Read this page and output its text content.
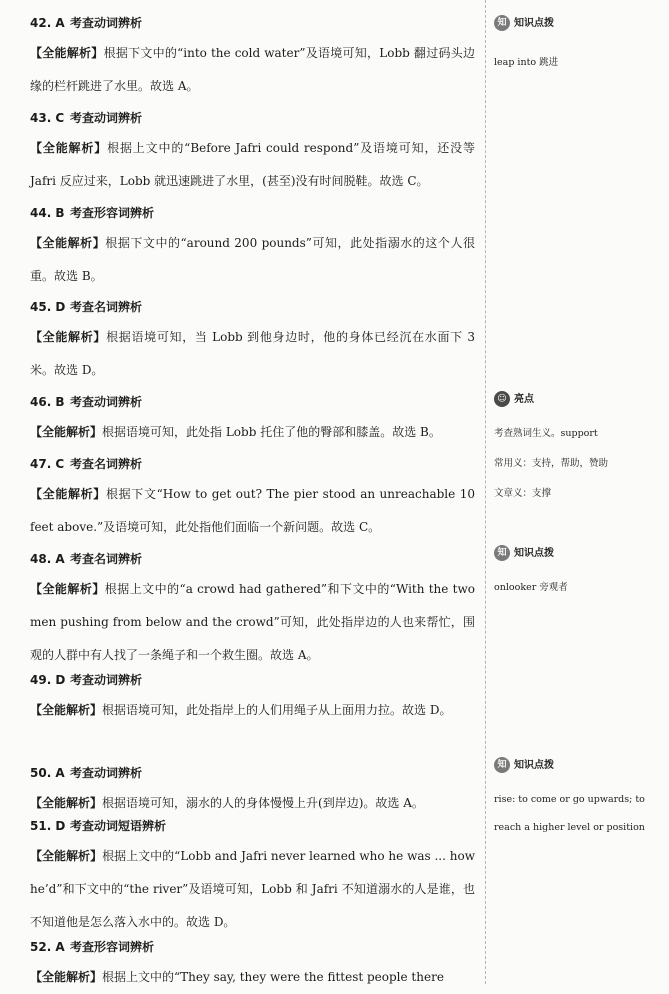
42. A 考查动词辨析
【全能解析】根据下文中的“into the cold water”及语境可知，Lobb 翻过码头边缘的栏杆跳进了水里。故选 A。
43. C 考查动词辨析
【全能解析】根据上文中的“Before Jafri could respond”及语境可知，还没等 Jafri 反应过来，Lobb 就迅速跳进了水里，(甚至)没有时间脱鞋。故选 C。
44. B 考查形容词辨析
【全能解析】根据下文中的“around 200 pounds”可知，此处指溺水的这个人很重。故选 B。
45. D 考查名词辨析
【全能解析】根据语境可知，当 Lobb 到他身边时，他的身体已经沉在水面下 3 米。故选 D。
46. B 考查动词辨析
【全能解析】根据语境可知，此处指 Lobb 托住了他的臀部和膝盖。故选 B。
47. C 考查名词辨析
【全能解析】根据下文“How to get out? The pier stood an unreachable 10 feet above.”及语境可知，此处指他们面临一个新问题。故选 C。
48. A 考查名词辨析
【全能解析】根据上文中的“a crowd had gathered”和下文中的“With the two men pushing from below and the crowd”可知，此处指岸边的人也来帮忙，围观的人群中有人找了一条绳子和一个救生圈。故选 A。
49. D 考查动词辨析
【全能解析】根据语境可知，此处指岸上的人们用绳子从上面用力拉。故选 D。
50. A 考查动词辨析
【全能解析】根据语境可知，溺水的人的身体慢慢上升(到岸边)。故选 A。
51. D 考查动词短语辨析
【全能解析】根据上文中的“Lobb and Jafri never learned who he was ... how he’d”和下文中的“the river”及语境可知，Lobb 和 Jafri 不知道溺水的人是谁，也不知道他是怎么落入水中的。故选 D。
52. A 考查形容词辨析
【全能解析】根据上文中的“They say, they were the fittest people there
知 知识点拨
leap into 跳进
☺ 亮点
考查熟词生义。support
常用义：支持，帮助，赞助
文章义：支撑
知 知识点拨
onlooker 旁观者
知 知识点拨
rise: to come or go upwards; to
reach a higher level or position
